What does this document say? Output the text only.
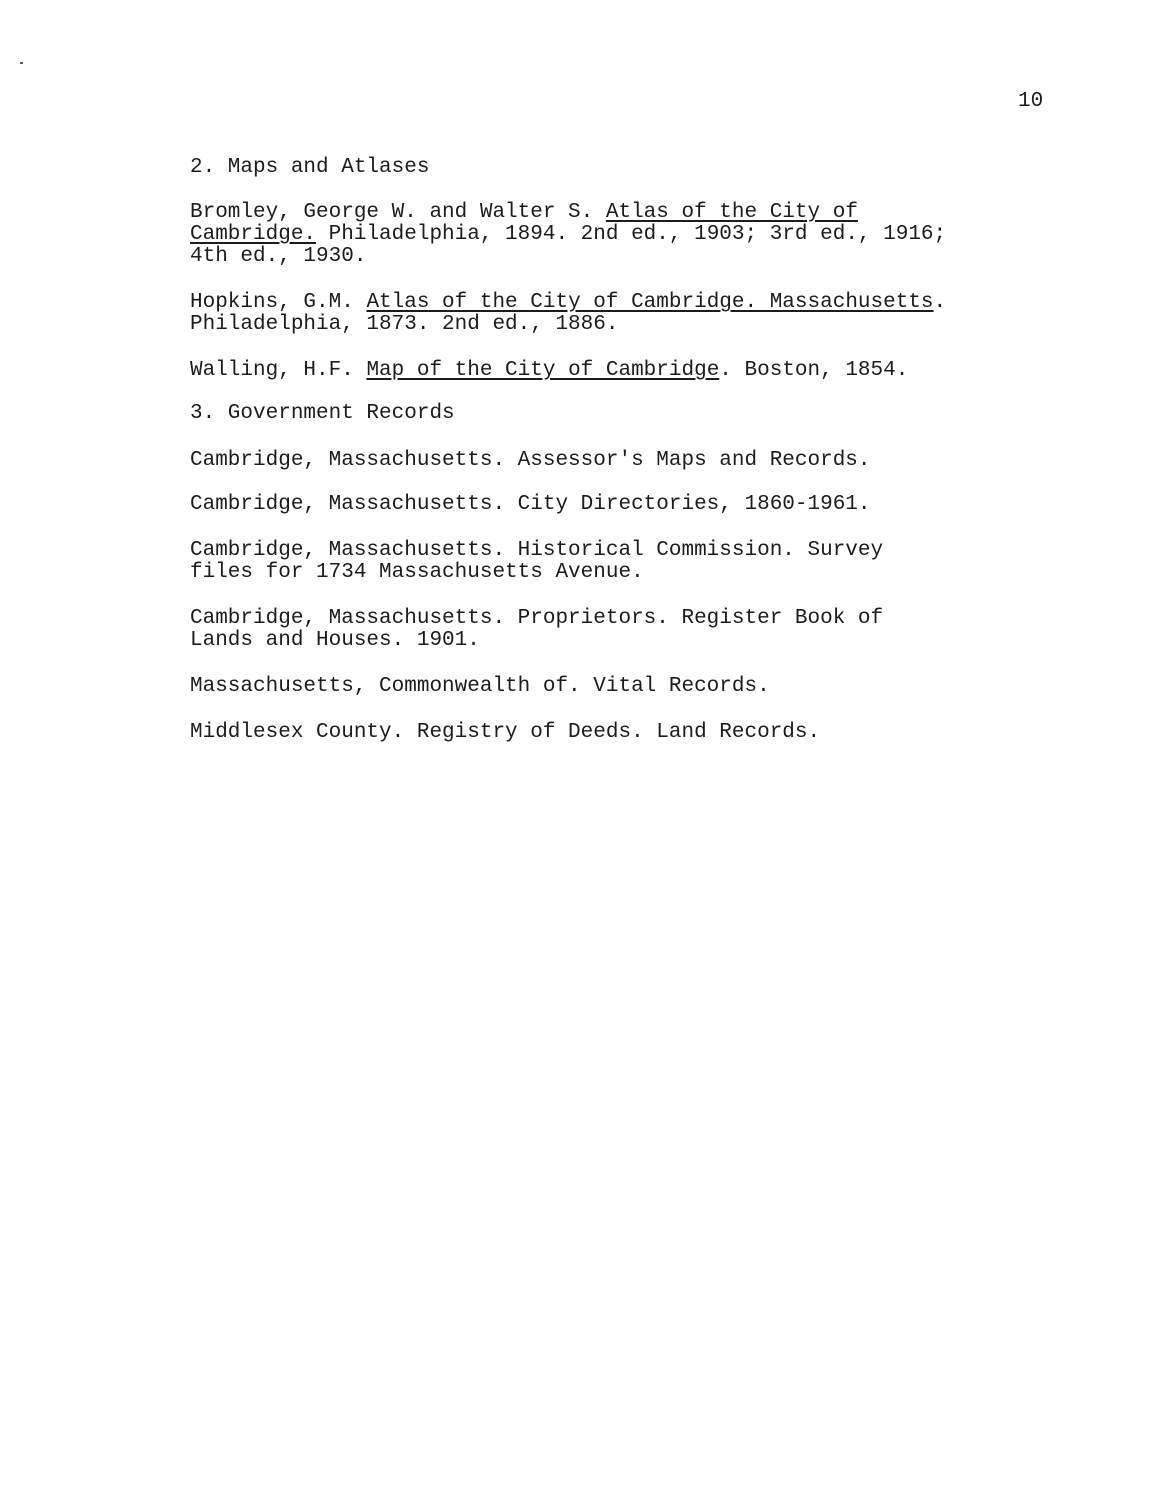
10
2. Maps and Atlases
Bromley, George W. and Walter S. Atlas of the City of
Cambridge. Philadelphia, 1894. 2nd ed., 1903; 3rd ed., 1916;
4th ed., 1930.
Hopkins, G.M. Atlas of the City of Cambridge. Massachusetts.
Philadelphia, 1873. 2nd ed., 1886.
Walling, H.F. Map of the City of Cambridge. Boston, 1854.
3. Government Records
Cambridge, Massachusetts. Assessor's Maps and Records.
Cambridge, Massachusetts. City Directories, 1860-1961.
Cambridge, Massachusetts. Historical Commission. Survey
files for 1734 Massachusetts Avenue.
Cambridge, Massachusetts. Proprietors. Register Book of
Lands and Houses. 1901.
Massachusetts, Commonwealth of. Vital Records.
Middlesex County. Registry of Deeds. Land Records.
